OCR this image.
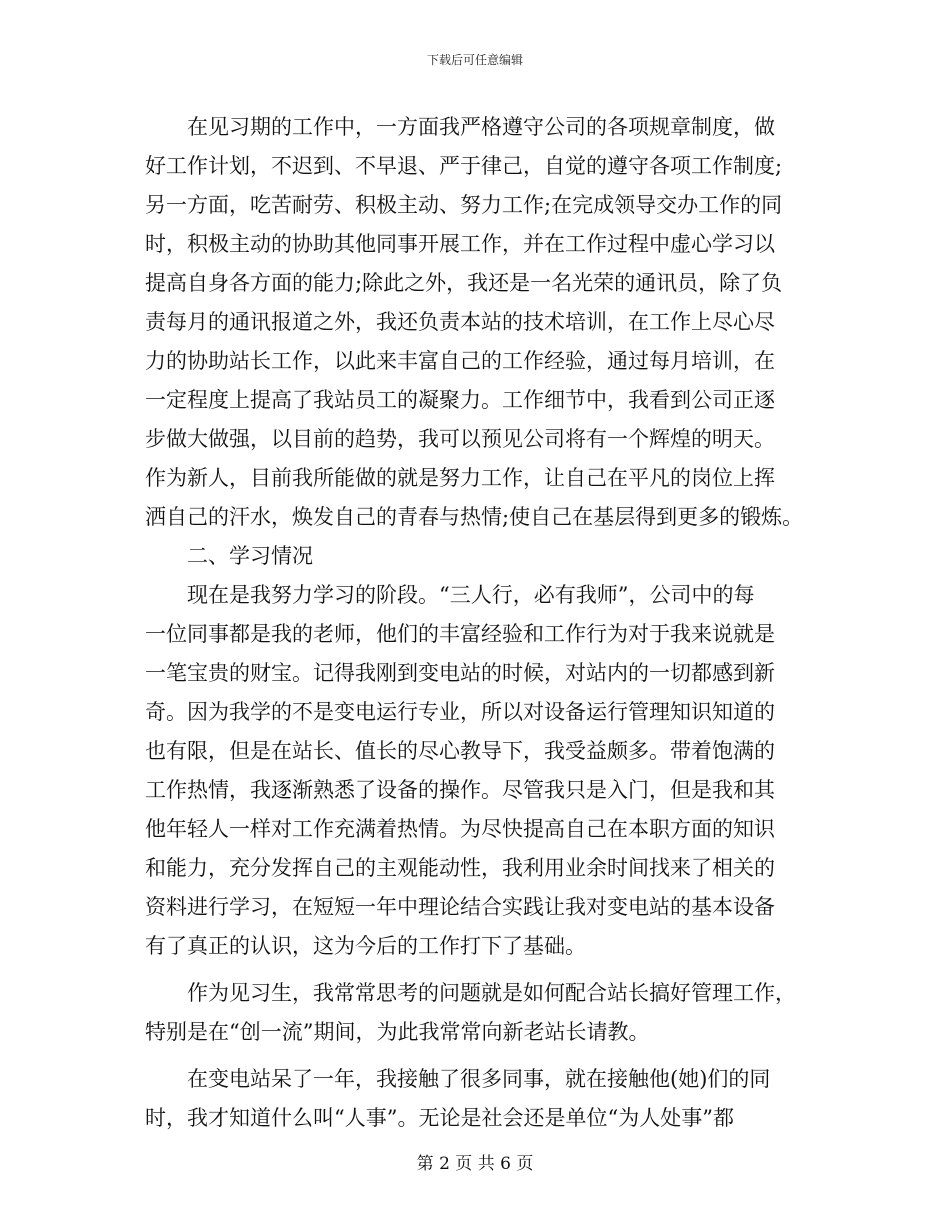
下载后可任意编辑
　　在见习期的工作中，一方面我严格遵守公司的各项规章制度，做
好工作计划，不迟到、不早退、严于律己，自觉的遵守各项工作制度;
另一方面，吃苦耐劳、积极主动、努力工作;在完成领导交办工作的同
时，积极主动的协助其他同事开展工作，并在工作过程中虚心学习以
提高自身各方面的能力;除此之外，我还是一名光荣的通讯员，除了负
责每月的通讯报道之外，我还负责本站的技术培训，在工作上尽心尽
力的协助站长工作，以此来丰富自己的工作经验，通过每月培训，在
一定程度上提高了我站员工的凝聚力。工作细节中，我看到公司正逐
步做大做强，以目前的趋势，我可以预见公司将有一个辉煌的明天。
作为新人，目前我所能做的就是努力工作，让自己在平凡的岗位上挥
洒自己的汗水，焕发自己的青春与热情;使自己在基层得到更多的锻炼。
　　二、学习情况
　　现在是我努力学习的阶段。“三人行，必有我师”，公司中的每
一位同事都是我的老师，他们的丰富经验和工作行为对于我来说就是
一笔宝贵的财宝。记得我刚到变电站的时候，对站内的一切都感到新
奇。因为我学的不是变电运行专业，所以对设备运行管理知识知道的
也有限，但是在站长、值长的尽心教导下，我受益颇多。带着饱满的
工作热情，我逐渐熟悉了设备的操作。尽管我只是入门，但是我和其
他年轻人一样对工作充满着热情。为尽快提高自己在本职方面的知识
和能力，充分发挥自己的主观能动性，我利用业余时间找来了相关的
资料进行学习，在短短一年中理论结合实践让我对变电站的基本设备
有了真正的认识，这为今后的工作打下了基础。
　　作为见习生，我常常思考的问题就是如何配合站长搞好管理工作，
特别是在“创一流”期间，为此我常常向新老站长请教。
　　在变电站呆了一年，我接触了很多同事，就在接触他(她)们的同
时，我才知道什么叫“人事”。无论是社会还是单位“为人处事”都
第 2 页 共 6 页
